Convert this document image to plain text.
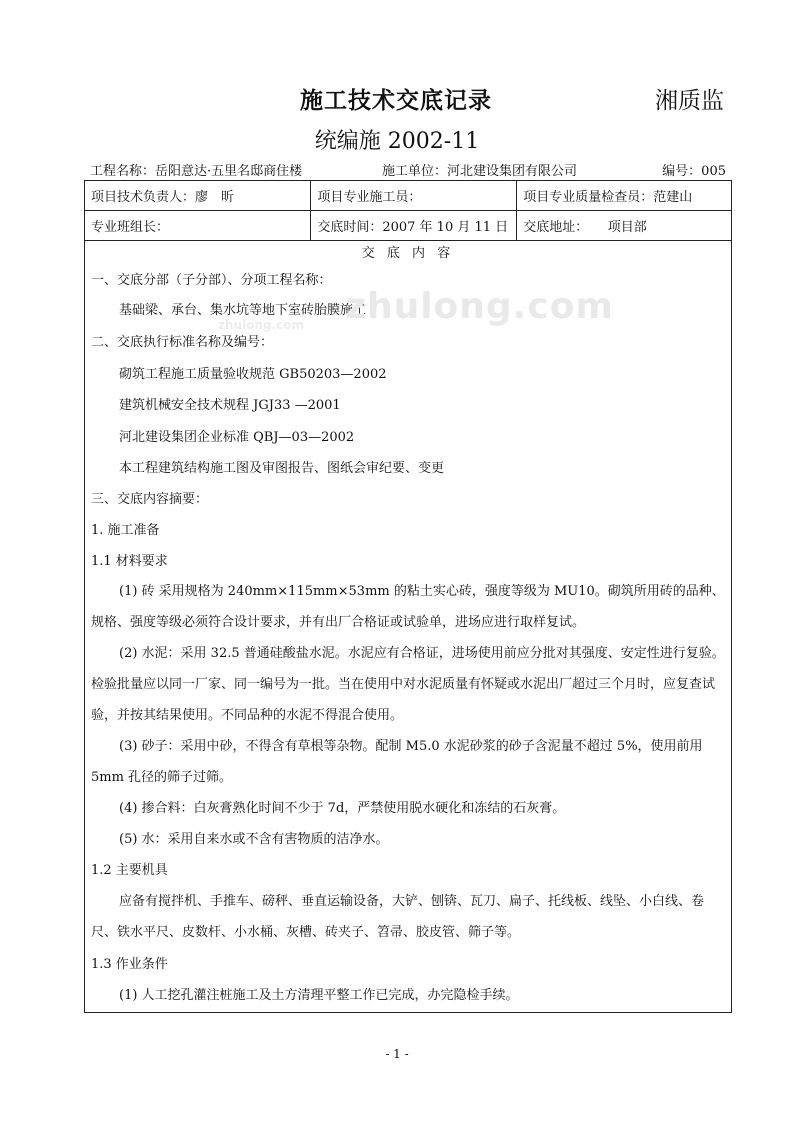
施工技术交底记录	湘质监
统编施 2002-11
工程名称：岳阳意达·五里名邸商住楼	施工单位：河北建设集团有限公司	编号：005
项目技术负责人：廖　昕	项目专业施工员：	项目专业质量检查员：范建山
专业班组长：	交底时间：2007 年 10 月 11 日	交底地址：　　项目部
交 底 内 容
一、交底分部（子分部）、分项工程名称：
基础梁、承台、集水坑等地下室砖胎膜施工
二、交底执行标准名称及编号：
砌筑工程施工质量验收规范 GB50203—2002
建筑机械安全技术规程 JGJ33 —2001
河北建设集团企业标准 QBJ—03—2002
本工程建筑结构施工图及审图报告、图纸会审纪要、变更
三、交底内容摘要：
1. 施工准备
1.1 材料要求
(1) 砖 采用规格为 240mm×115mm×53mm 的粘土实心砖，强度等级为 MU10。砌筑所用砖的品种、规格、强度等级必须符合设计要求，并有出厂合格证或试验单，进场应进行取样复试。
(2) 水泥：采用 32.5 普通硅酸盐水泥。水泥应有合格证，进场使用前应分批对其强度、安定性进行复验。检验批量应以同一厂家、同一编号为一批。当在使用中对水泥质量有怀疑或水泥出厂超过三个月时，应复查试验，并按其结果使用。不同品种的水泥不得混合使用。
(3) 砂子：采用中砂，不得含有草根等杂物。配制 M5.0 水泥砂浆的砂子含泥量不超过 5%，使用前用 5mm 孔径的筛子过筛。
(4) 掺合料：白灰膏熟化时间不少于 7d，严禁使用脱水硬化和冻结的石灰膏。
(5) 水：采用自来水或不含有害物质的洁净水。
1.2 主要机具
应备有搅拌机、手推车、磅秤、垂直运输设备，大铲、刨锛、瓦刀、扁子、托线板、线坠、小白线、卷尺、铁水平尺、皮数杆、小水桶、灰槽、砖夹子、笤帚、胶皮管、筛子等。
1.3 作业条件
(1) 人工挖孔灌注桩施工及土方清理平整工作已完成，办完隐检手续。
zhulong.com
zhulong.com
- 1 -
